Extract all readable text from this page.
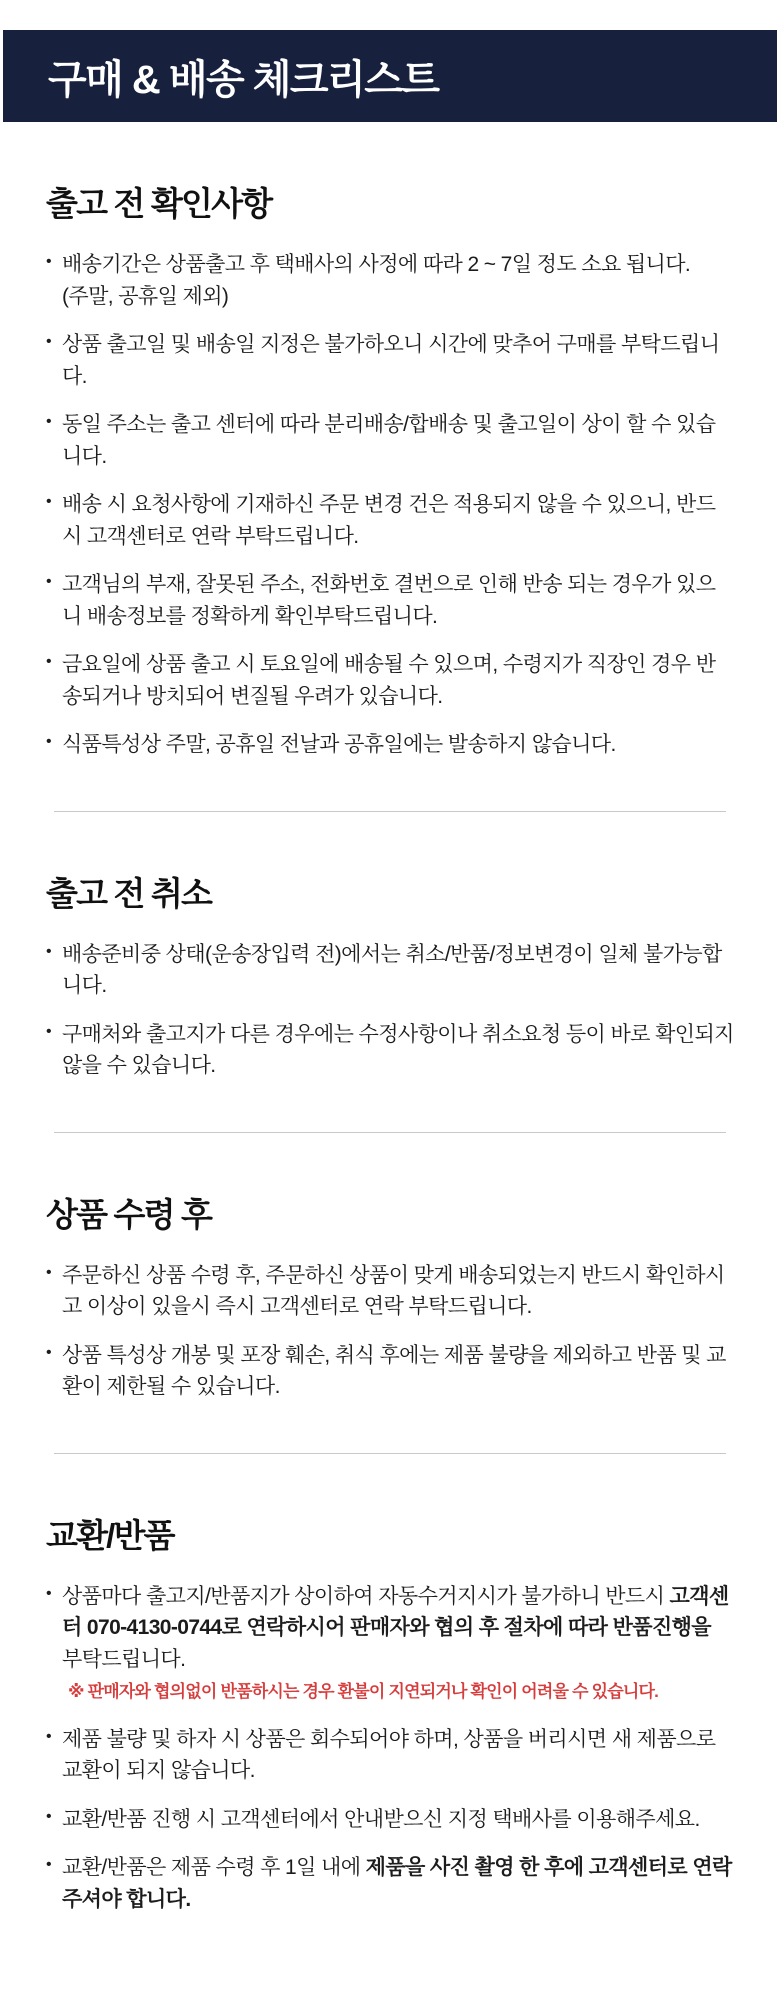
구매 & 배송 체크리스트
출고 전 확인사항
• 배송기간은 상품출고 후 택배사의 사정에 따라 2 ~ 7일 정도 소요 됩니다.
(주말, 공휴일 제외)
• 상품 출고일 및 배송일 지정은 불가하오니 시간에 맞추어 구매를 부탁드립니다.
• 동일 주소는 출고 센터에 따라 분리배송/합배송 및 출고일이 상이 할 수 있습니다.
• 배송 시 요청사항에 기재하신 주문 변경 건은 적용되지 않을 수 있으니, 반드시 고객센터로 연락 부탁드립니다.
• 고객님의 부재, 잘못된 주소, 전화번호 결번으로 인해 반송 되는 경우가 있으니 배송정보를 정확하게 확인부탁드립니다.
• 금요일에 상품 출고 시 토요일에 배송될 수 있으며, 수령지가 직장인 경우 반송되거나 방치되어 변질될 우려가 있습니다.
• 식품특성상 주말, 공휴일 전날과 공휴일에는 발송하지 않습니다.
출고 전 취소
• 배송준비중 상태(운송장입력 전)에서는 취소/반품/정보변경이 일체 불가능합니다.
• 구매처와 출고지가 다른 경우에는 수정사항이나 취소요청 등이 바로 확인되지 않을 수 있습니다.
상품 수령 후
• 주문하신 상품 수령 후, 주문하신 상품이 맞게 배송되었는지 반드시 확인하시고 이상이 있을시 즉시 고객센터로 연락 부탁드립니다.
• 상품 특성상 개봉 및 포장 훼손, 취식 후에는 제품 불량을 제외하고 반품 및 교환이 제한될 수 있습니다.
교환/반품
• 상품마다 출고지/반품지가 상이하여 자동수거지시가 불가하니 반드시 고객센터 070-4130-0744로 연락하시어 판매자와 협의 후 절차에 따라 반품진행을 부탁드립니다. ※ 판매자와 협의없이 반품하시는 경우 환불이 지연되거나 확인이 어려울 수 있습니다.
• 제품 불량 및 하자 시 상품은 회수되어야 하며, 상품을 버리시면 새 제품으로 교환이 되지 않습니다.
• 교환/반품 진행 시 고객센터에서 안내받으신 지정 택배사를 이용해주세요.
• 교환/반품은 제품 수령 후 1일 내에 제품을 사진 촬영 한 후에 고객센터로 연락주셔야 합니다.
